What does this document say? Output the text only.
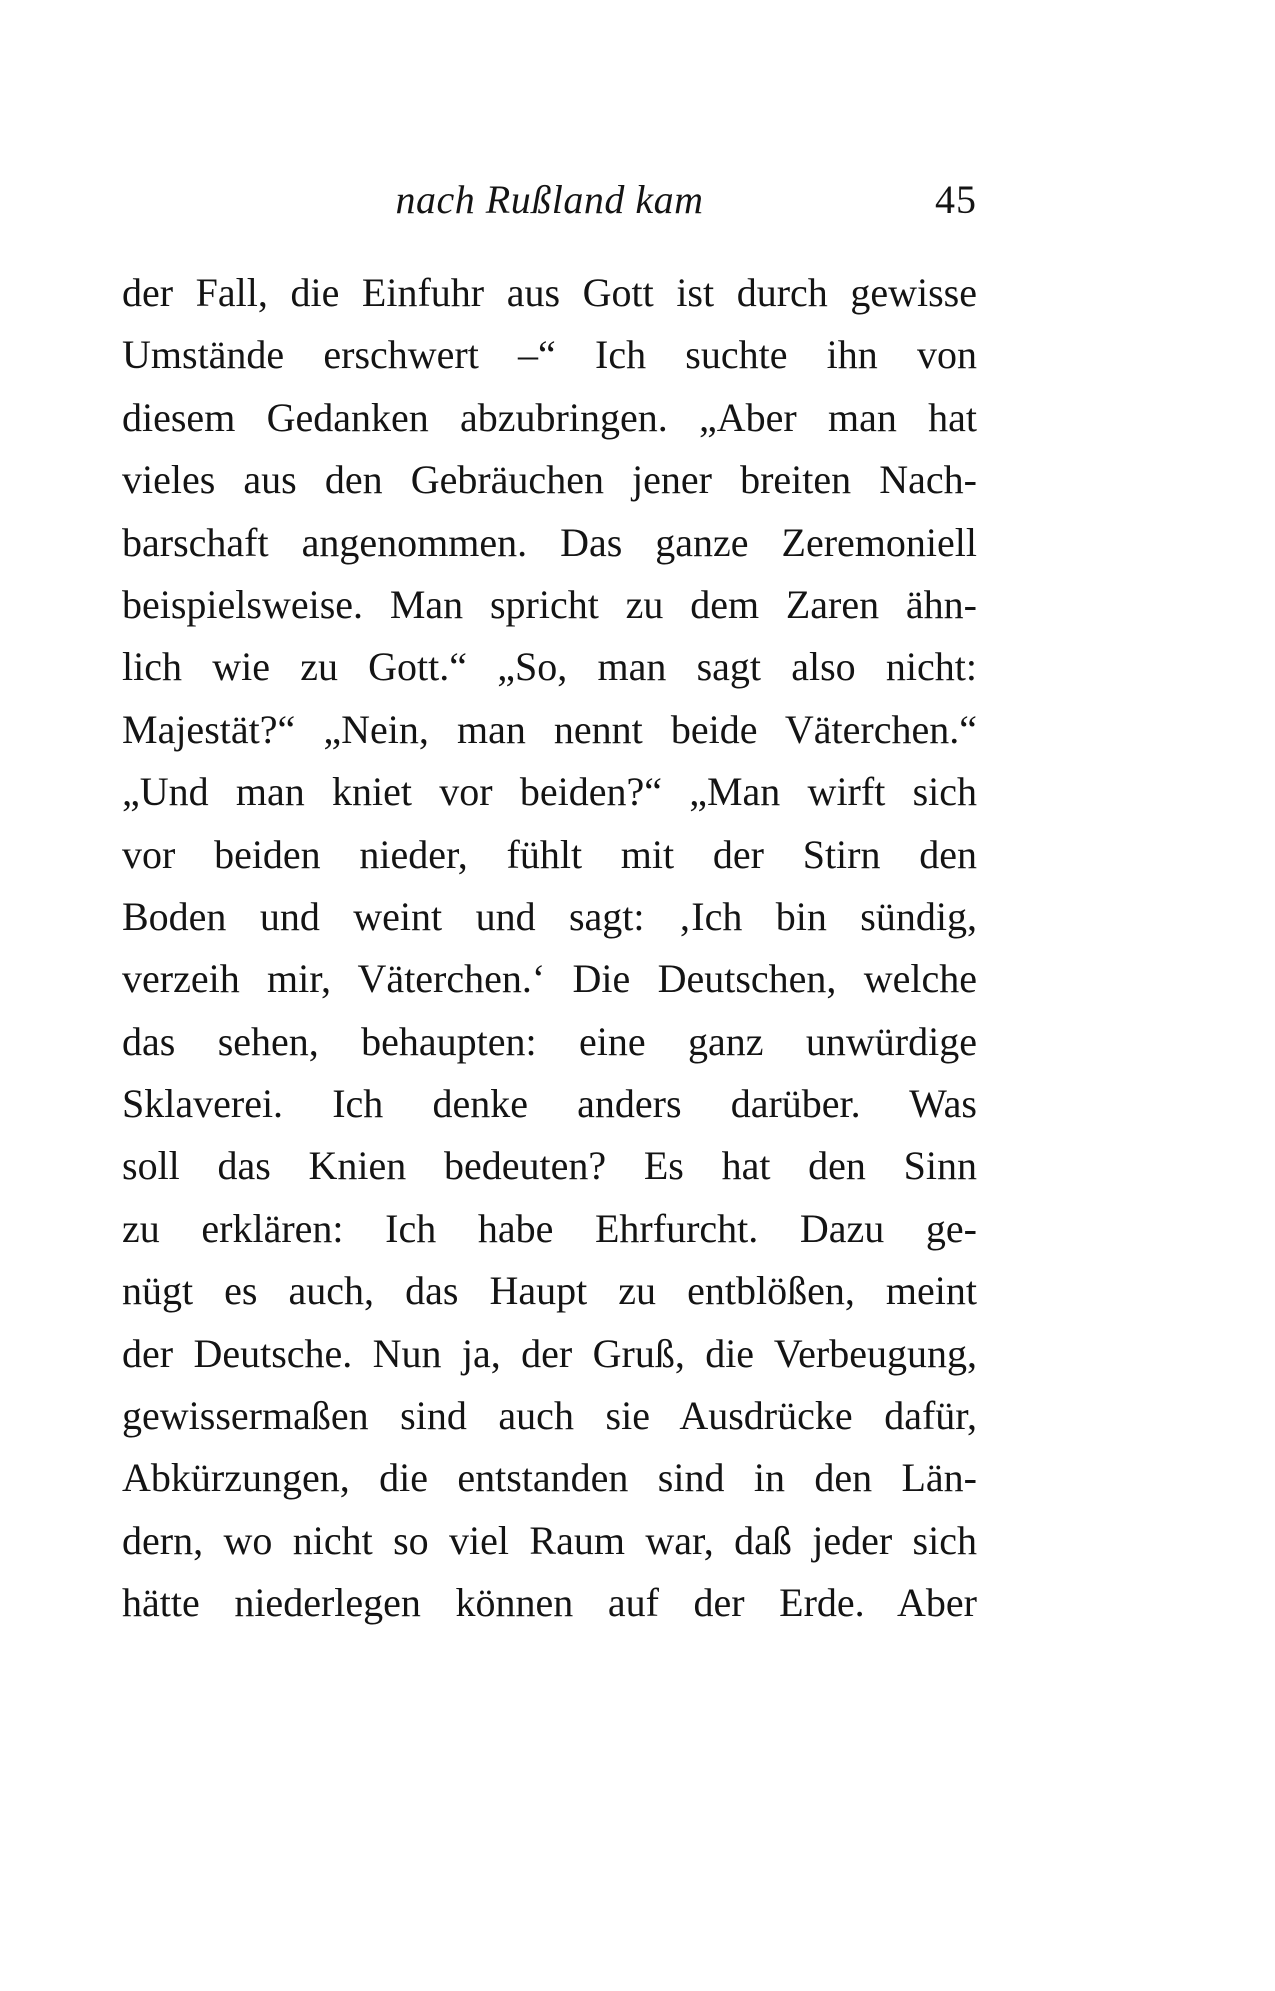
nach Rußland kam	45
der Fall, die Einfuhr aus Gott ist durch gewisse
Umstände erschwert –“ Ich suchte ihn von
diesem Gedanken abzubringen. „Aber man hat
vieles aus den Gebräuchen jener breiten Nach-
barschaft angenommen. Das ganze Zeremoniell
beispielsweise. Man spricht zu dem Zaren ähn-
lich wie zu Gott.“ „So, man sagt also nicht:
Majestät?“ „Nein, man nennt beide Väterchen.“
„Und man kniet vor beiden?“ „Man wirft sich
vor beiden nieder, fühlt mit der Stirn den
Boden und weint und sagt: ‚Ich bin sündig,
verzeih mir, Väterchen.‘ Die Deutschen, welche
das sehen, behaupten: eine ganz unwürdige
Sklaverei. Ich denke anders darüber. Was
soll das Knien bedeuten? Es hat den Sinn
zu erklären: Ich habe Ehrfurcht. Dazu ge-
nügt es auch, das Haupt zu entblößen, meint
der Deutsche. Nun ja, der Gruß, die Verbeugung,
gewissermaßen sind auch sie Ausdrücke dafür,
Abkürzungen, die entstanden sind in den Län-
dern, wo nicht so viel Raum war, daß jeder sich
hätte niederlegen können auf der Erde. Aber
